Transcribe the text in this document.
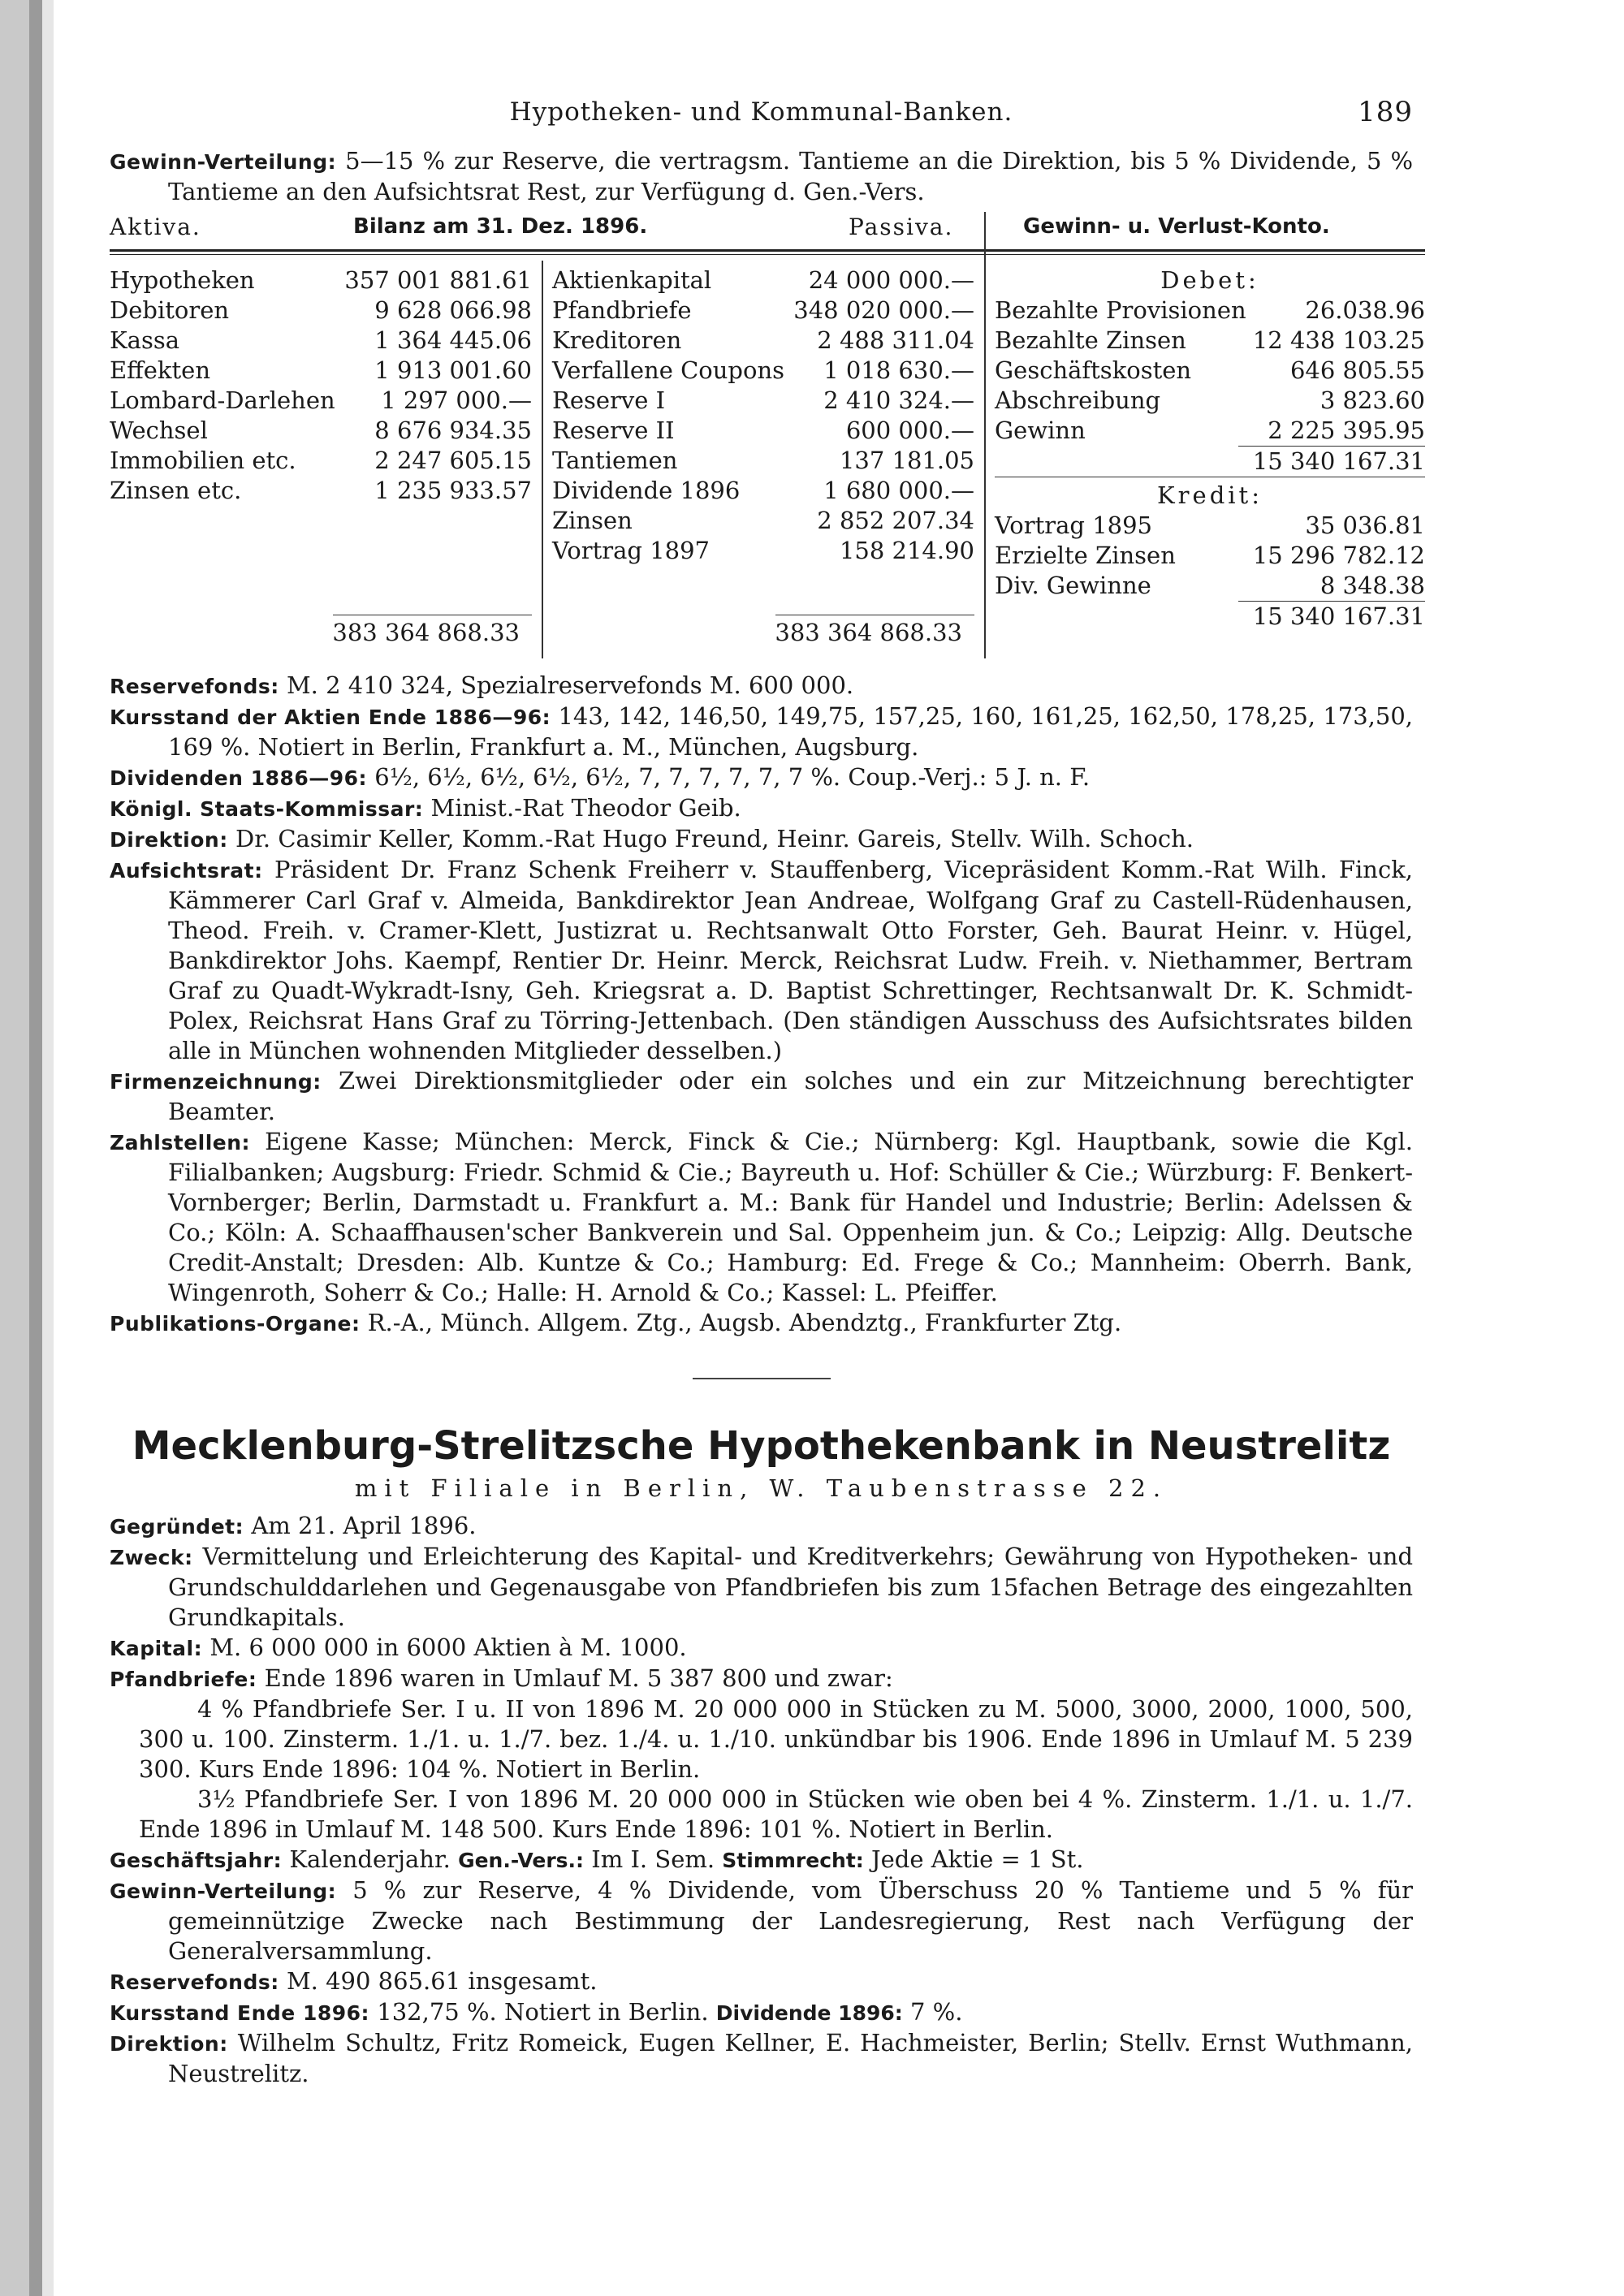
Hypotheken- und Kommunal-Banken.	189

Gewinn-Verteilung: 5—15 % zur Reserve, die vertragsm. Tantieme an die Direktion, bis 5 % Dividende, 5 % Tantieme an den Aufsichtsrat Rest, zur Verfügung d. Gen.-Vers.

Aktiva.	Bilanz am 31. Dez. 1896.	Passiva.	Gewinn- u. Verlust-Konto.
Hypotheken	357 001 881.61
Debitoren	9 628 066.98
Kassa	1 364 445.06
Effekten	1 913 001.60
Lombard-Darlehen 1 297 000.—
Wechsel	8 676 934.35
Immobilien etc.	2 247 605.15
Zinsen etc.	1 235 933.57
383 364 868.33
Aktienkapital	24 000 000.—
Pfandbriefe	348 020 000.—
Kreditoren	2 488 311.04
Verfallene Coupons 1 018 630.—
Reserve I	2 410 324.—
Reserve II	600 000.—
Tantiemen	137 181.05
Dividende 1896	1 680 000.—
Zinsen	2 852 207.34
Vortrag 1897	158 214.90
383 364 868.33
Debet:
Bezahlte Provisionen	26.038.96
Bezahlte Zinsen	12 438 103.25
Geschäftskosten	646 805.55
Abschreibung	3 823.60
Gewinn	2 225 395.95
15 340 167.31
Kredit:
Vortrag 1895	35 036.81
Erzielte Zinsen	15 296 782.12
Div. Gewinne	8 348.38
15 340 167.31

Reservefonds: M. 2 410 324, Spezialreservefonds M. 600 000.

Kursstand der Aktien Ende 1886—96: 143, 142, 146,50, 149,75, 157,25, 160, 161,25, 162,50, 178,25, 173,50, 169 %. Notiert in Berlin, Frankfurt a. M., München, Augsburg.

Dividenden 1886—96: 6½, 6½, 6½, 6½, 6½, 7, 7, 7, 7, 7, 7 %. Coup.-Verj.: 5 J. n. F.

Königl. Staats-Kommissar: Minist.-Rat Theodor Geib.

Direktion: Dr. Casimir Keller, Komm.-Rat Hugo Freund, Heinr. Gareis, Stellv. Wilh. Schoch.

Aufsichtsrat: Präsident Dr. Franz Schenk Freiherr v. Stauffenberg, Vicepräsident Komm.-Rat Wilh. Finck, Kämmerer Carl Graf v. Almeida, Bankdirektor Jean Andreae, Wolfgang Graf zu Castell-Rüdenhausen, Theod. Freih. v. Cramer-Klett, Justizrat u. Rechtsanwalt Otto Forster, Geh. Baurat Heinr. v. Hügel, Bankdirektor Johs. Kaempf, Rentier Dr. Heinr. Merck, Reichsrat Ludw. Freih. v. Niethammer, Bertram Graf zu Quadt-Wykradt-Isny, Geh. Kriegsrat a. D. Baptist Schrettinger, Rechtsanwalt Dr. K. Schmidt-Polex, Reichsrat Hans Graf zu Törring-Jettenbach. (Den ständigen Ausschuss des Aufsichtsrates bilden alle in München wohnenden Mitglieder desselben.)

Firmenzeichnung: Zwei Direktionsmitglieder oder ein solches und ein zur Mitzeichnung berechtigter Beamter.

Zahlstellen: Eigene Kasse; München: Merck, Finck & Cie.; Nürnberg: Kgl. Hauptbank, sowie die Kgl. Filialbanken; Augsburg: Friedr. Schmid & Cie.; Bayreuth u. Hof: Schüller & Cie.; Würzburg: F. Benkert-Vornberger; Berlin, Darmstadt u. Frankfurt a. M.: Bank für Handel und Industrie; Berlin: Adelssen & Co.; Köln: A. Schaaffhausen'scher Bankverein und Sal. Oppenheim jun. & Co.; Leipzig: Allg. Deutsche Credit-Anstalt; Dresden: Alb. Kuntze & Co.; Hamburg: Ed. Frege & Co.; Mannheim: Oberrh. Bank, Wingenroth, Soherr & Co.; Halle: H. Arnold & Co.; Kassel: L. Pfeiffer.

Publikations-Organe: R.-A., Münch. Allgem. Ztg., Augsb. Abendztg., Frankfurter Ztg.

Mecklenburg-Strelitzsche Hypothekenbank in Neustrelitz
mit Filiale in Berlin, W. Taubenstrasse 22.

Gegründet: Am 21. April 1896.

Zweck: Vermittelung und Erleichterung des Kapital- und Kreditverkehrs; Gewährung von Hypotheken- und Grundschulddarlehen und Gegenausgabe von Pfandbriefen bis zum 15fachen Betrage des eingezahlten Grundkapitals.

Kapital: M. 6 000 000 in 6000 Aktien à M. 1000.

Pfandbriefe: Ende 1896 waren in Umlauf M. 5 387 800 und zwar:

4 % Pfandbriefe Ser. I u. II von 1896 M. 20 000 000 in Stücken zu M. 5000, 3000, 2000, 1000, 500, 300 u. 100. Zinsterm. 1./1. u. 1./7. bez. 1./4. u. 1./10. unkündbar bis 1906. Ende 1896 in Umlauf M. 5 239 300. Kurs Ende 1896: 104 %. Notiert in Berlin.

3½ Pfandbriefe Ser. I von 1896 M. 20 000 000 in Stücken wie oben bei 4 %. Zinsterm. 1./1. u. 1./7. Ende 1896 in Umlauf M. 148 500. Kurs Ende 1896: 101 %. Notiert in Berlin.

Geschäftsjahr: Kalenderjahr. Gen.-Vers.: Im I. Sem. Stimmrecht: Jede Aktie = 1 St.

Gewinn-Verteilung: 5 % zur Reserve, 4 % Dividende, vom Überschuss 20 % Tantieme und 5 % für gemeinnützige Zwecke nach Bestimmung der Landesregierung, Rest nach Verfügung der Generalversammlung.

Reservefonds: M. 490 865.61 insgesamt.

Kursstand Ende 1896: 132,75 %. Notiert in Berlin. Dividende 1896: 7 %.

Direktion: Wilhelm Schultz, Fritz Romeick, Eugen Kellner, E. Hachmeister, Berlin; Stellv. Ernst Wuthmann, Neustrelitz.
